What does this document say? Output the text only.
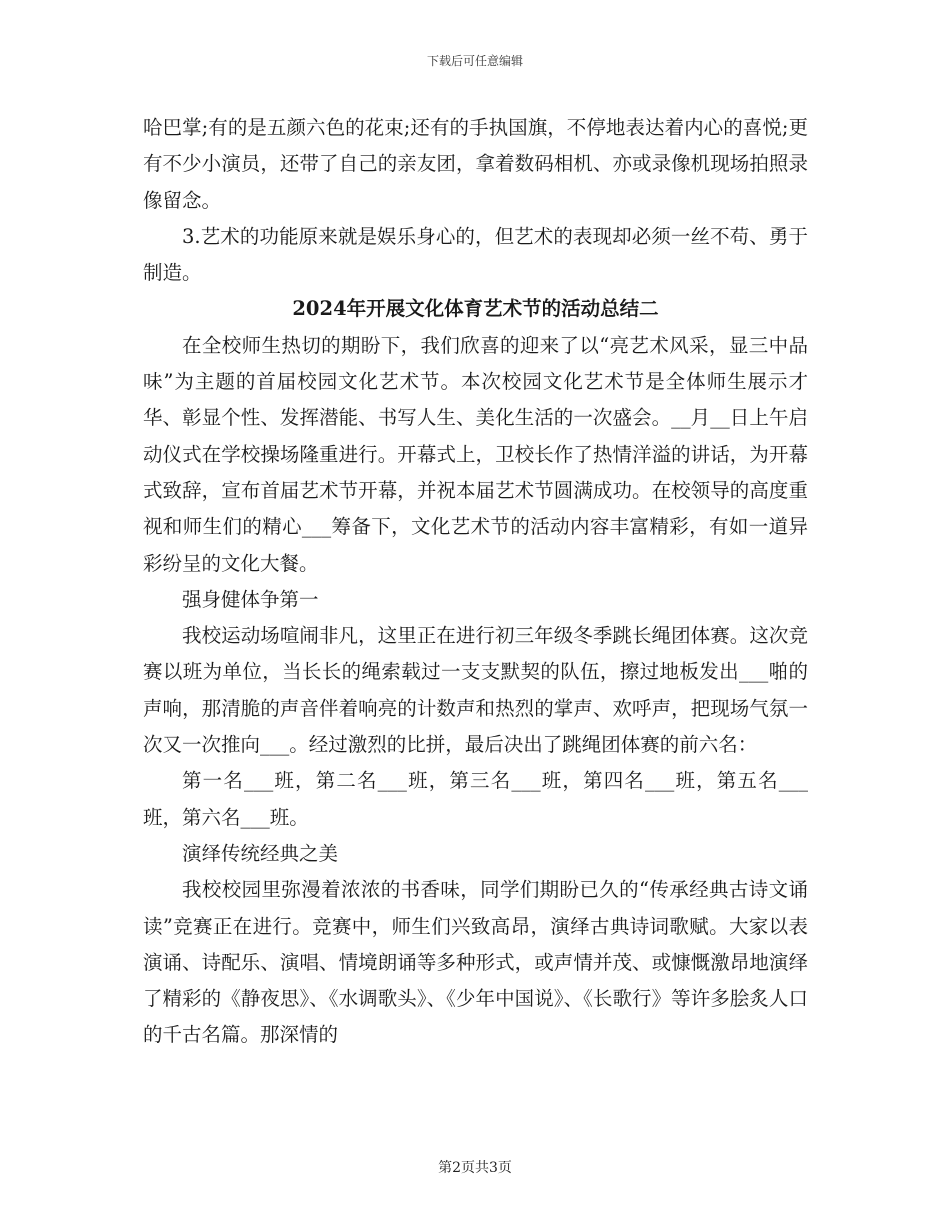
下载后可任意编辑

哈巴掌;有的是五颜六色的花束;还有的手执国旗，不停地表达着内心的喜悦;更有不少小演员，还带了自己的亲友团，拿着数码相机、亦或录像机现场拍照录像留念。

3.艺术的功能原来就是娱乐身心的，但艺术的表现却必须一丝不苟、勇于制造。

2024年开展文化体育艺术节的活动总结二

在全校师生热切的期盼下，我们欣喜的迎来了以“亮艺术风采，显三中品味”为主题的首届校园文化艺术节。本次校园文化艺术节是全体师生展示才华、彰显个性、发挥潜能、书写人生、美化生活的一次盛会。__月__日上午启动仪式在学校操场隆重进行。开幕式上，卫校长作了热情洋溢的讲话，为开幕式致辞，宣布首届艺术节开幕，并祝本届艺术节圆满成功。在校领导的高度重视和师生们的精心___筹备下，文化艺术节的活动内容丰富精彩，有如一道异彩纷呈的文化大餐。

强身健体争第一

我校运动场喧闹非凡，这里正在进行初三年级冬季跳长绳团体赛。这次竞赛以班为单位，当长长的绳索载过一支支默契的队伍，擦过地板发出___啪的声响，那清脆的声音伴着响亮的计数声和热烈的掌声、欢呼声，把现场气氛一次又一次推向___。经过激烈的比拼，最后决出了跳绳团体赛的前六名：

第一名___班，第二名___班，第三名___班，第四名___班，第五名___班，第六名___班。

演绎传统经典之美

我校校园里弥漫着浓浓的书香味，同学们期盼已久的“传承经典古诗文诵读”竞赛正在进行。竞赛中，师生们兴致高昂，演绎古典诗词歌赋。大家以表演诵、诗配乐、演唱、情境朗诵等多种形式，或声情并茂、或慷慨激昂地演绎了精彩的《静夜思》、《水调歌头》、《少年中国说》、《长歌行》等许多脍炙人口的千古名篇。那深情的

第2页共3页
